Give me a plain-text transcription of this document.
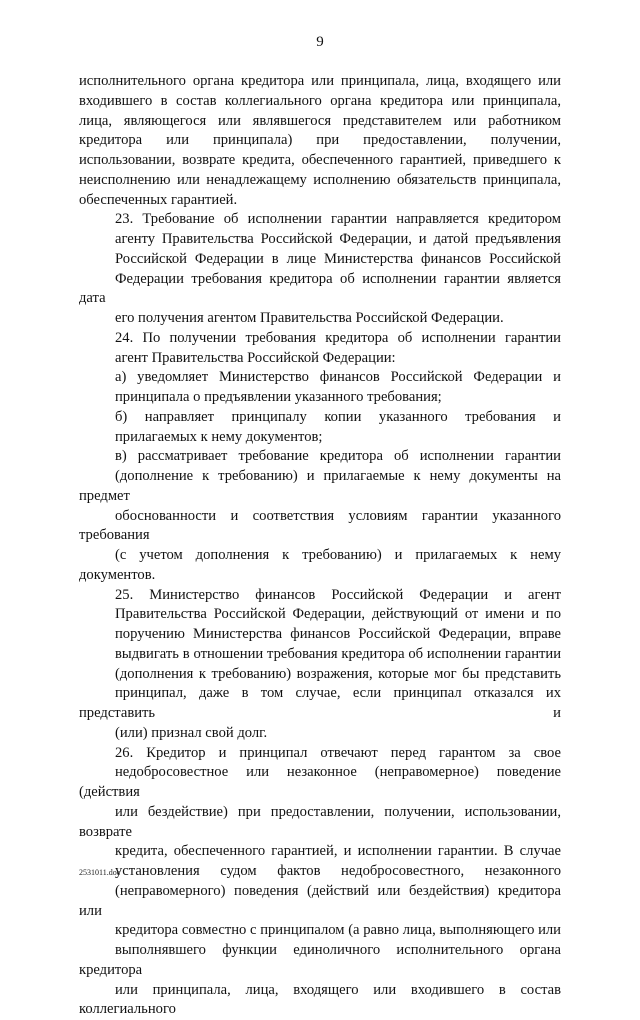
9

исполнительного органа кредитора или принципала, лица, входящего или
входившего в состав коллегиального органа кредитора или принципала,
лица, являющегося или являвшегося представителем или работником
кредитора или принципала) при предоставлении, получении,
использовании, возврате кредита, обеспеченного гарантией, приведшего к
неисполнению или ненадлежащему исполнению обязательств принципала,
обеспеченных гарантией.

23. Требование об исполнении гарантии направляется кредитором
агенту Правительства Российской Федерации, и датой предъявления
Российской Федерации в лице Министерства финансов Российской
Федерации требования кредитора об исполнении гарантии является дата
его получения агентом Правительства Российской Федерации.

24. По получении требования кредитора об исполнении гарантии
агент Правительства Российской Федерации:

а) уведомляет Министерство финансов Российской Федерации и
принципала о предъявлении указанного требования;

б) направляет принципалу копии указанного требования и
прилагаемых к нему документов;

в) рассматривает требование кредитора об исполнении гарантии
(дополнение к требованию) и прилагаемые к нему документы на предмет
обоснованности и соответствия условиям гарантии указанного требования
(с учетом дополнения к требованию) и прилагаемых к нему документов.

25. Министерство финансов Российской Федерации и агент
Правительства Российской Федерации, действующий от имени и по
поручению Министерства финансов Российской Федерации, вправе
выдвигать в отношении требования кредитора об исполнении гарантии
(дополнения к требованию) возражения, которые мог бы представить
принципал, даже в том случае, если принципал отказался их представить и
(или) признал свой долг.

26. Кредитор и принципал отвечают перед гарантом за свое
недобросовестное или незаконное (неправомерное) поведение (действия
или бездействие) при предоставлении, получении, использовании, возврате
кредита, обеспеченного гарантией, и исполнении гарантии. В случае
установления судом фактов недобросовестного, незаконного
(неправомерного) поведения (действий или бездействия) кредитора или
кредитора совместно с принципалом (а равно лица, выполняющего или
выполнявшего функции единоличного исполнительного органа кредитора
или принципала, лица, входящего или входившего в состав коллегиального

2531011.doc
